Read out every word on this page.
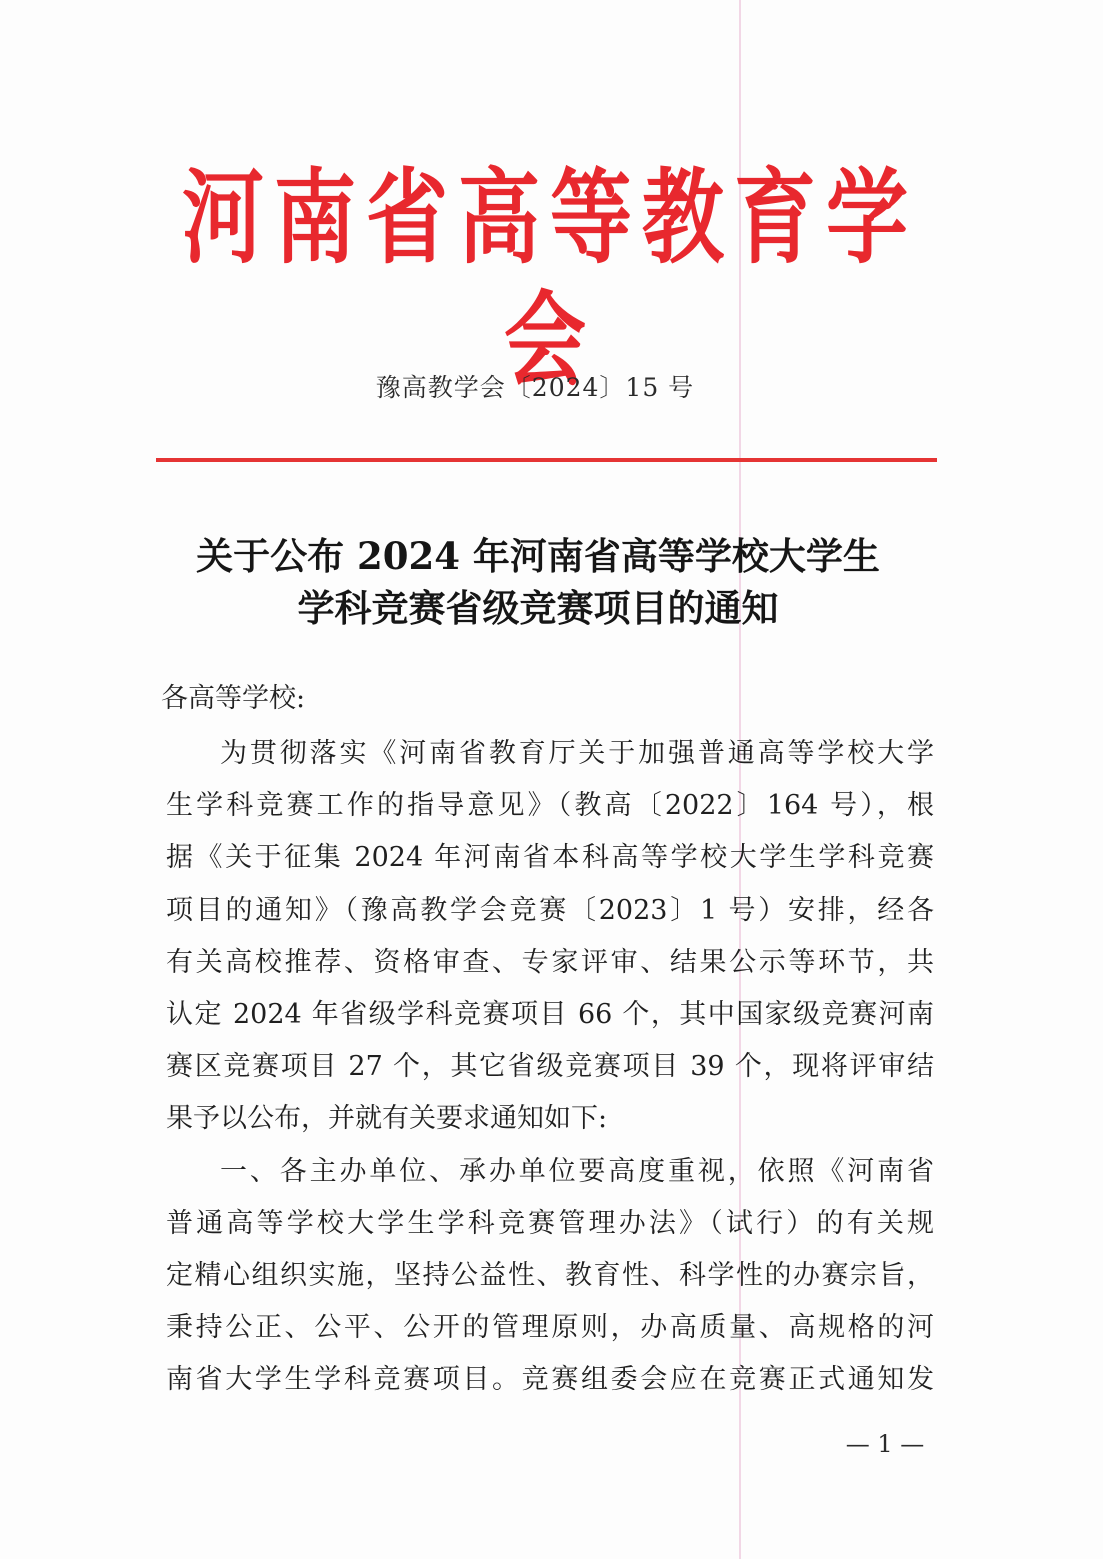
河南省高等教育学会
豫高教学会〔2024〕15 号
关于公布 2024 年河南省高等学校大学生
学科竞赛省级竞赛项目的通知
各高等学校:
为贯彻落实《河南省教育厅关于加强普通高等学校大学
生学科竞赛工作的指导意见》（教高〔2022〕164 号），根
据《关于征集 2024 年河南省本科高等学校大学生学科竞赛
项目的通知》（豫高教学会竞赛〔2023〕1 号）安排，经各
有关高校推荐、资格审查、专家评审、结果公示等环节，共
认定 2024 年省级学科竞赛项目 66 个，其中国家级竞赛河南
赛区竞赛项目 27 个，其它省级竞赛项目 39 个，现将评审结
果予以公布，并就有关要求通知如下:
一、各主办单位、承办单位要高度重视，依照《河南省
普通高等学校大学生学科竞赛管理办法》（试行）的有关规
定精心组织实施，坚持公益性、教育性、科学性的办赛宗旨，
秉持公正、公平、公开的管理原则，办高质量、高规格的河
南省大学生学科竞赛项目。竞赛组委会应在竞赛正式通知发
— 1 —
